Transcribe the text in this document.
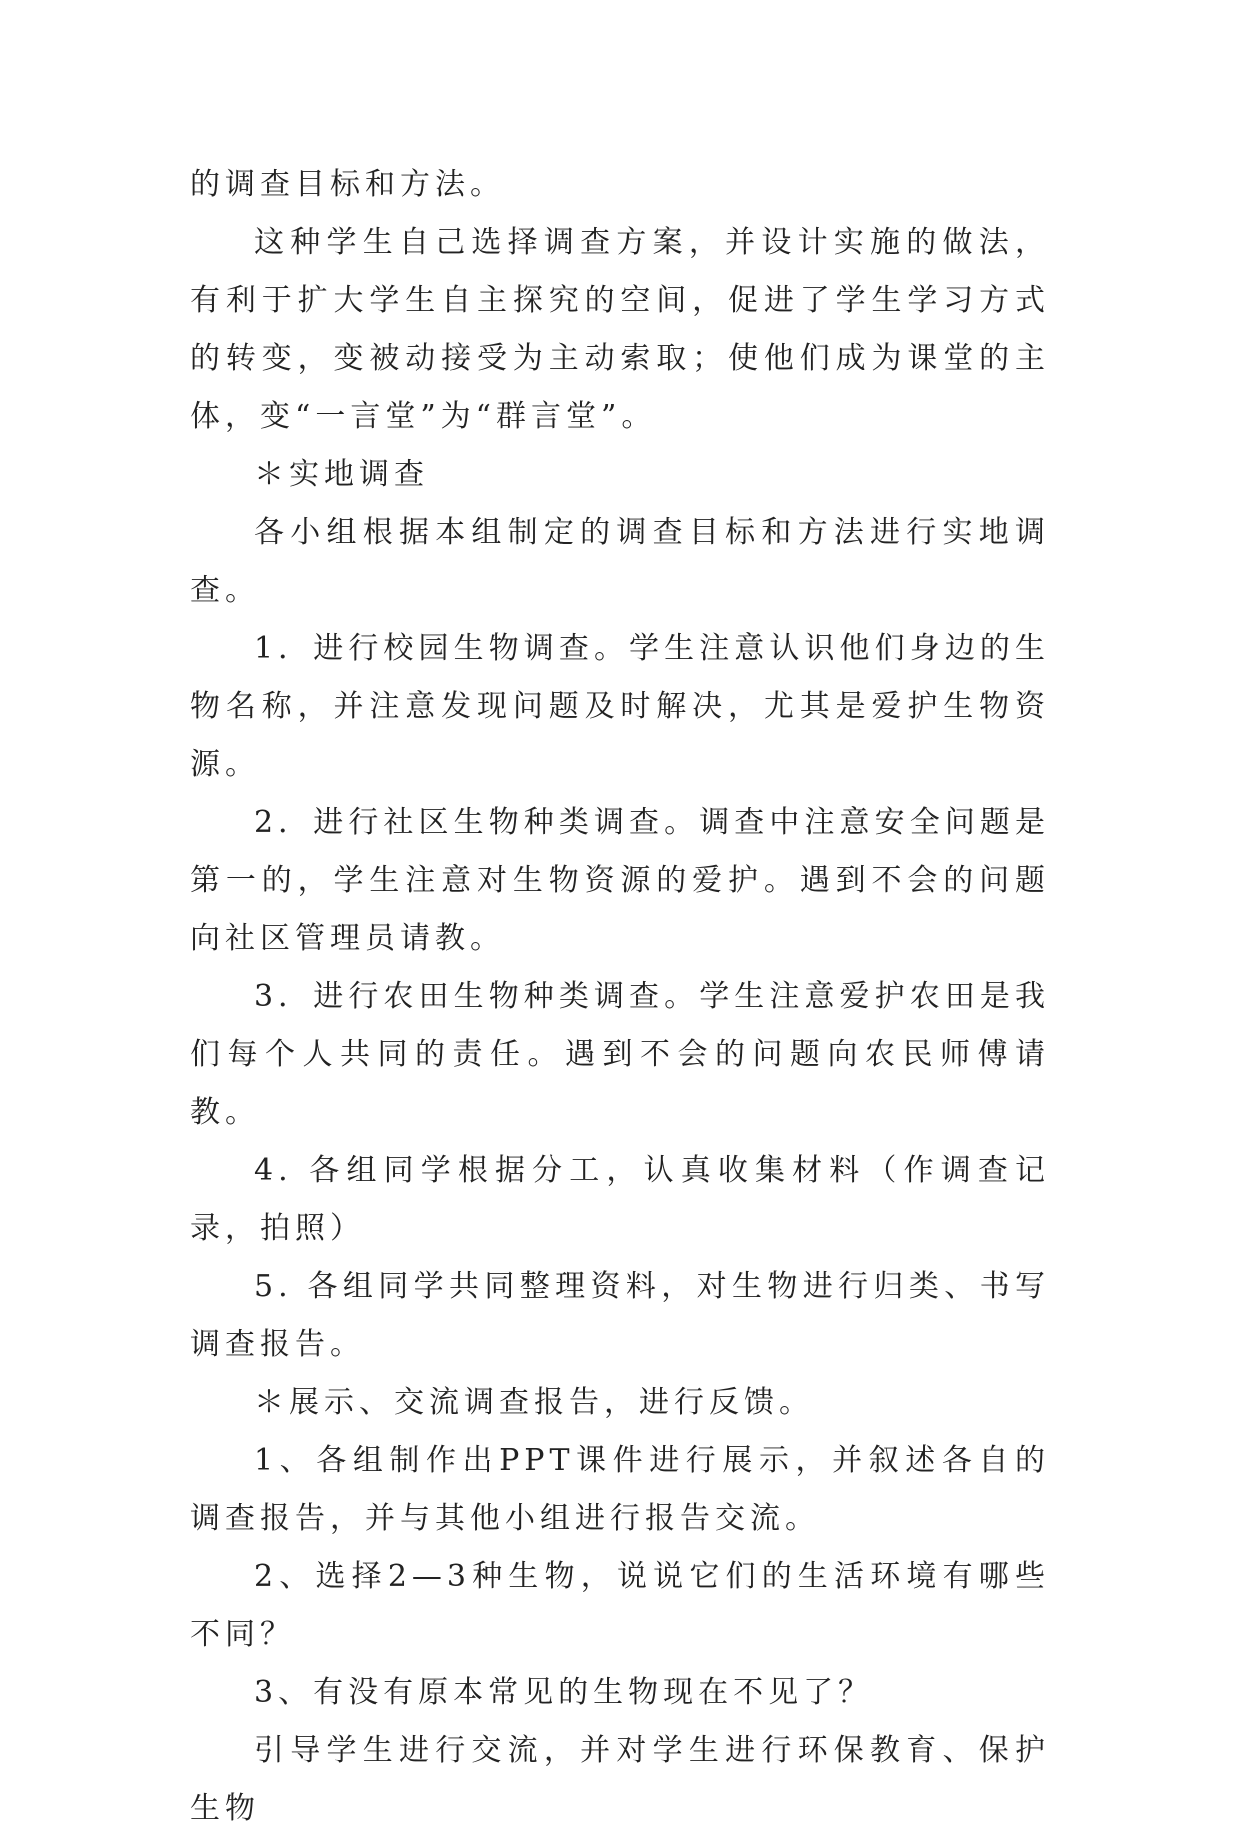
的调查目标和方法。

这种学生自己选择调查方案，并设计实施的做法，有利于扩大学生自主探究的空间，促进了学生学习方式的转变，变被动接受为主动索取；使他们成为课堂的主体，变“一言堂”为“群言堂”。

＊实地调查

各小组根据本组制定的调查目标和方法进行实地调查。

1．进行校园生物调查。学生注意认识他们身边的生物名称，并注意发现问题及时解决，尤其是爱护生物资源。

2．进行社区生物种类调查。调查中注意安全问题是第一的，学生注意对生物资源的爱护。遇到不会的问题向社区管理员请教。

3．进行农田生物种类调查。学生注意爱护农田是我们每个人共同的责任。遇到不会的问题向农民师傅请教。

4. 各组同学根据分工，认真收集材料（作调查记录，拍照）

5. 各组同学共同整理资料，对生物进行归类、书写调查报告。

＊展示、交流调查报告，进行反馈。

1、各组制作出PPT课件进行展示，并叙述各自的调查报告，并与其他小组进行报告交流。

2、选择2—3种生物，说说它们的生活环境有哪些不同？

3、有没有原本常见的生物现在不见了？

引导学生进行交流，并对学生进行环保教育、保护生物
